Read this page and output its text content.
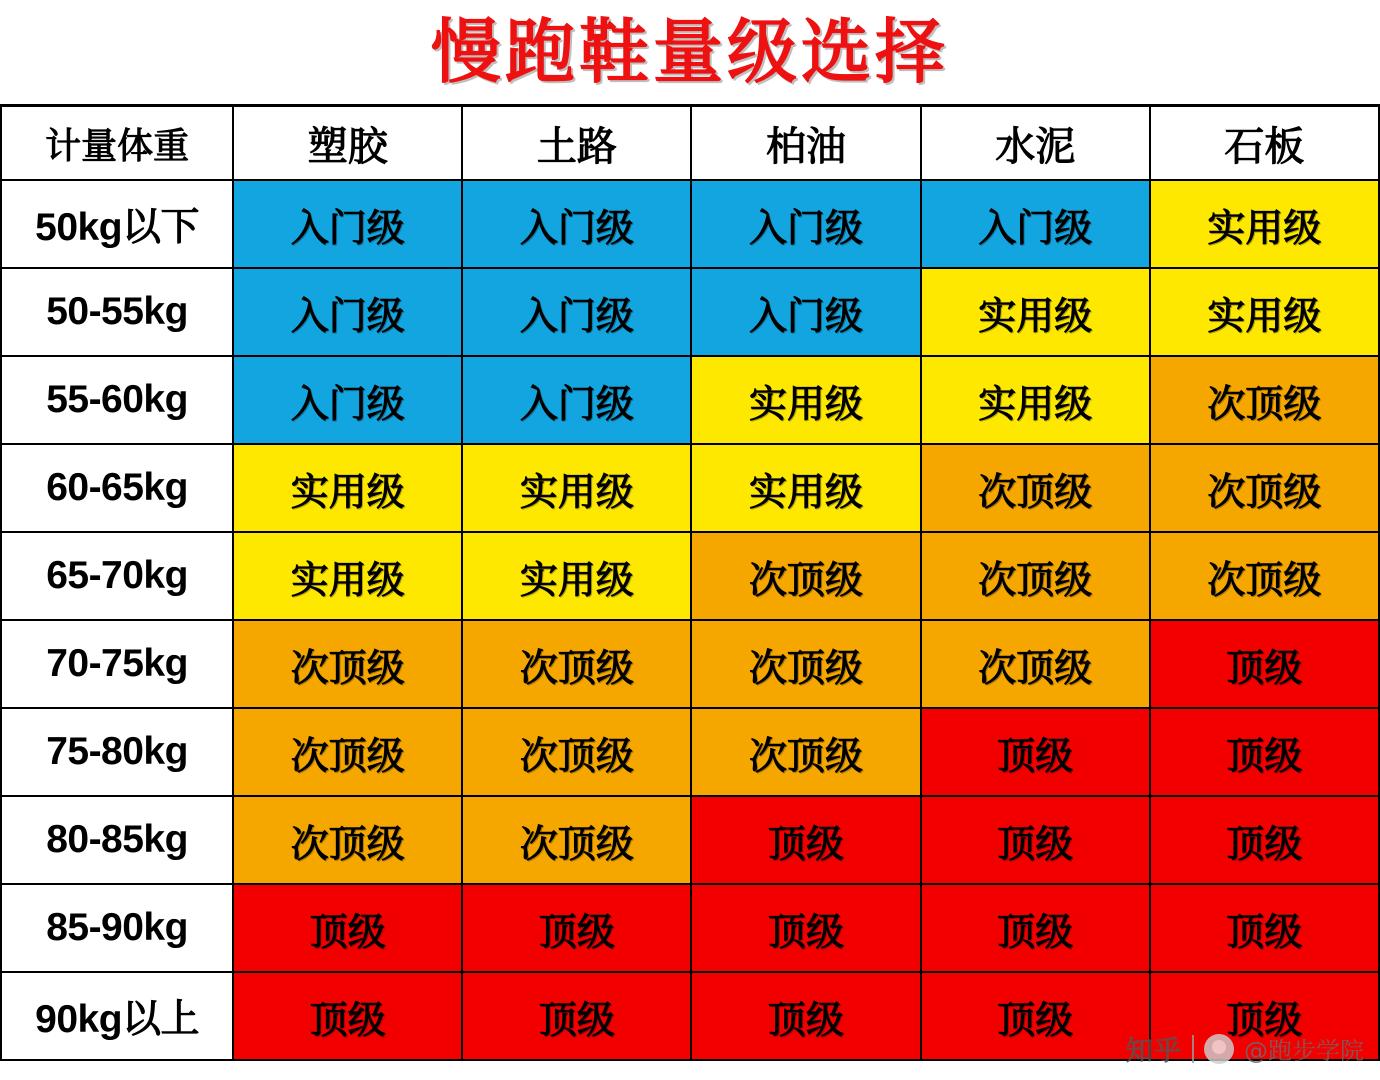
慢跑鞋量级选择
计量体重	塑胶	土路	柏油	水泥	石板
50kg以下	入门级	入门级	入门级	入门级	实用级
50-55kg	入门级	入门级	入门级	实用级	实用级
55-60kg	入门级	入门级	实用级	实用级	次顶级
60-65kg	实用级	实用级	实用级	次顶级	次顶级
65-70kg	实用级	实用级	次顶级	次顶级	次顶级
70-75kg	次顶级	次顶级	次顶级	次顶级	顶级
75-80kg	次顶级	次顶级	次顶级	顶级	顶级
80-85kg	次顶级	次顶级	顶级	顶级	顶级
85-90kg	顶级	顶级	顶级	顶级	顶级
90kg以上	顶级	顶级	顶级	顶级	顶级
知乎	@跑步学院
